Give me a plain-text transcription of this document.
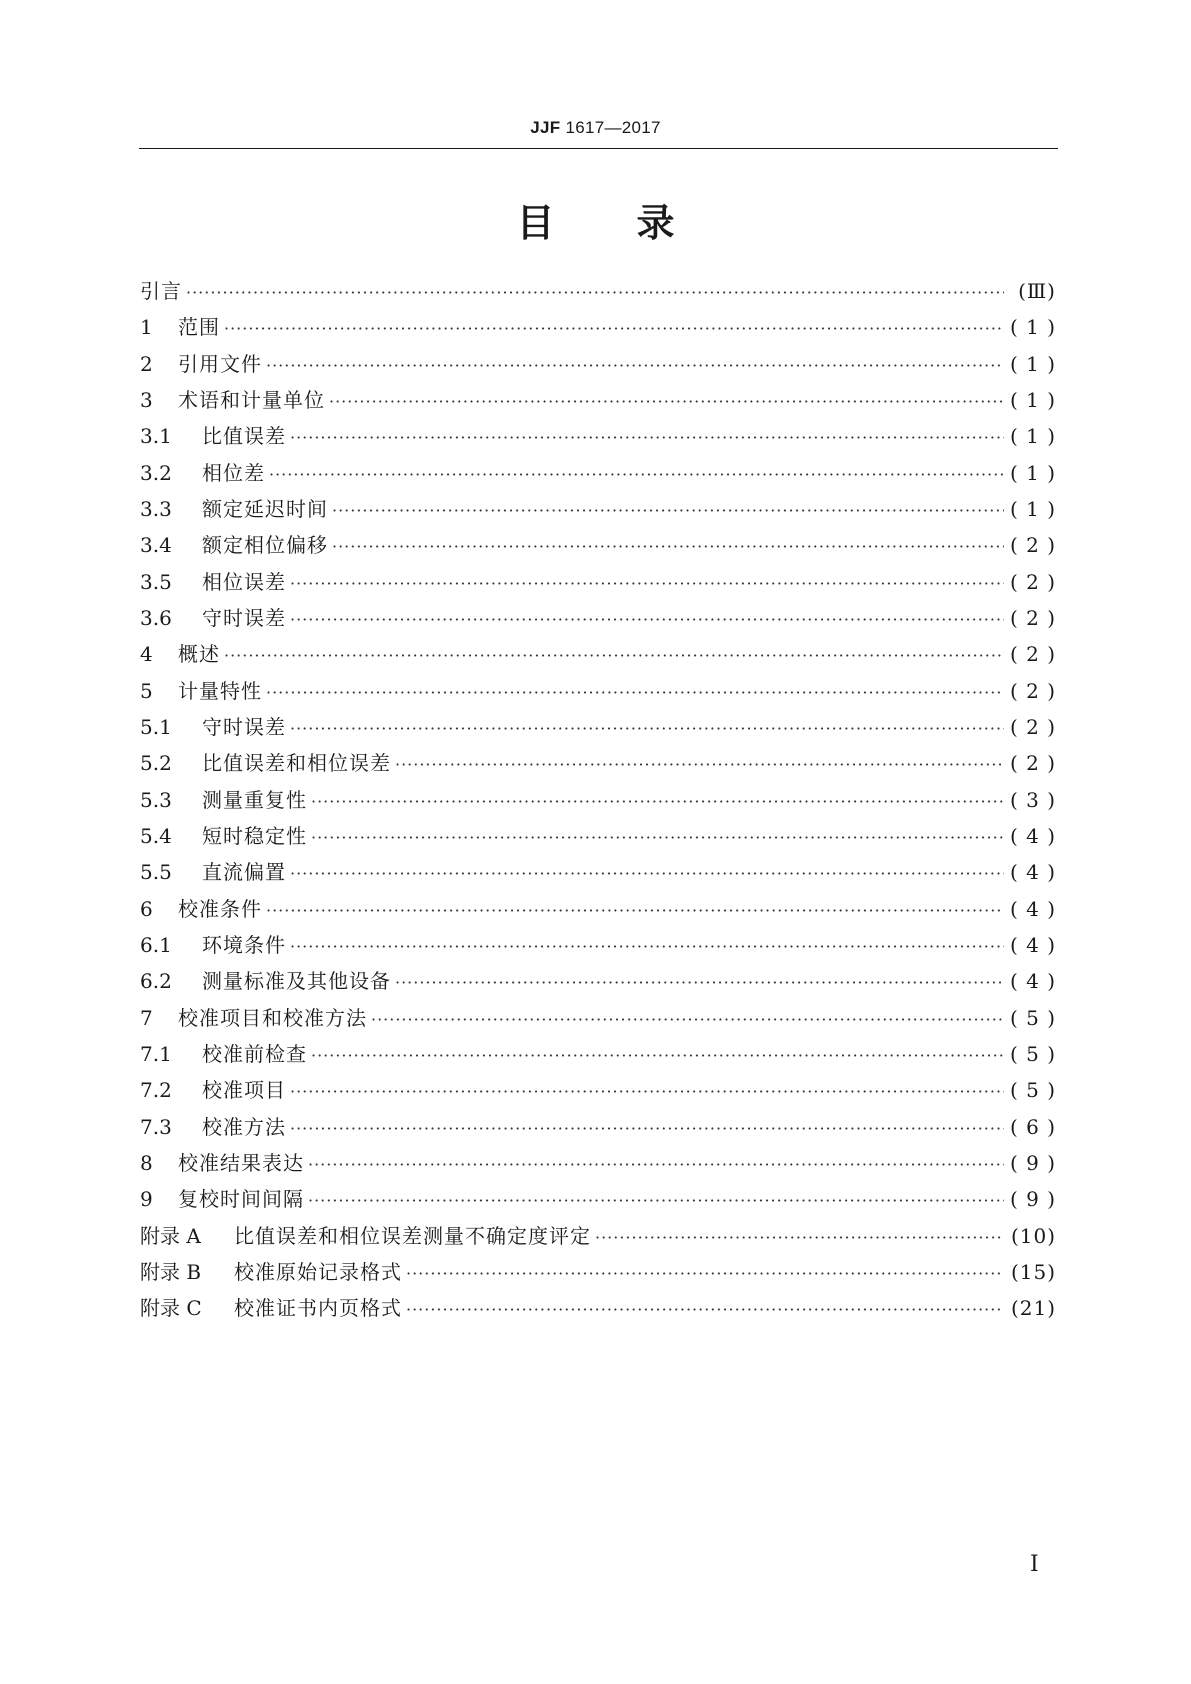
JJF 1617—2017
目 录
引言 ·····	(Ⅲ)
1	范围 ·····	( 1 )
2	引用文件 ·····	( 1 )
3	术语和计量单位 ·····	( 1 )
3.1	比值误差 ·····	( 1 )
3.2	相位差 ·····	( 1 )
3.3	额定延迟时间 ·····	( 1 )
3.4	额定相位偏移 ·····	( 2 )
3.5	相位误差 ·····	( 2 )
3.6	守时误差 ·····	( 2 )
4	概述 ·····	( 2 )
5	计量特性 ·····	( 2 )
5.1	守时误差 ·····	( 2 )
5.2	比值误差和相位误差 ·····	( 2 )
5.3	测量重复性 ·····	( 3 )
5.4	短时稳定性 ·····	( 4 )
5.5	直流偏置 ·····	( 4 )
6	校准条件 ·····	( 4 )
6.1	环境条件 ·····	( 4 )
6.2	测量标准及其他设备 ·····	( 4 )
7	校准项目和校准方法 ·····	( 5 )
7.1	校准前检查 ·····	( 5 )
7.2	校准项目 ·····	( 5 )
7.3	校准方法 ·····	( 6 )
8	校准结果表达 ·····	( 9 )
9	复校时间间隔 ·····	( 9 )
附录 A	比值误差和相位误差测量不确定度评定 ·····	(10)
附录 B	校准原始记录格式 ·····	(15)
附录 C	校准证书内页格式 ·····	(21)
I
